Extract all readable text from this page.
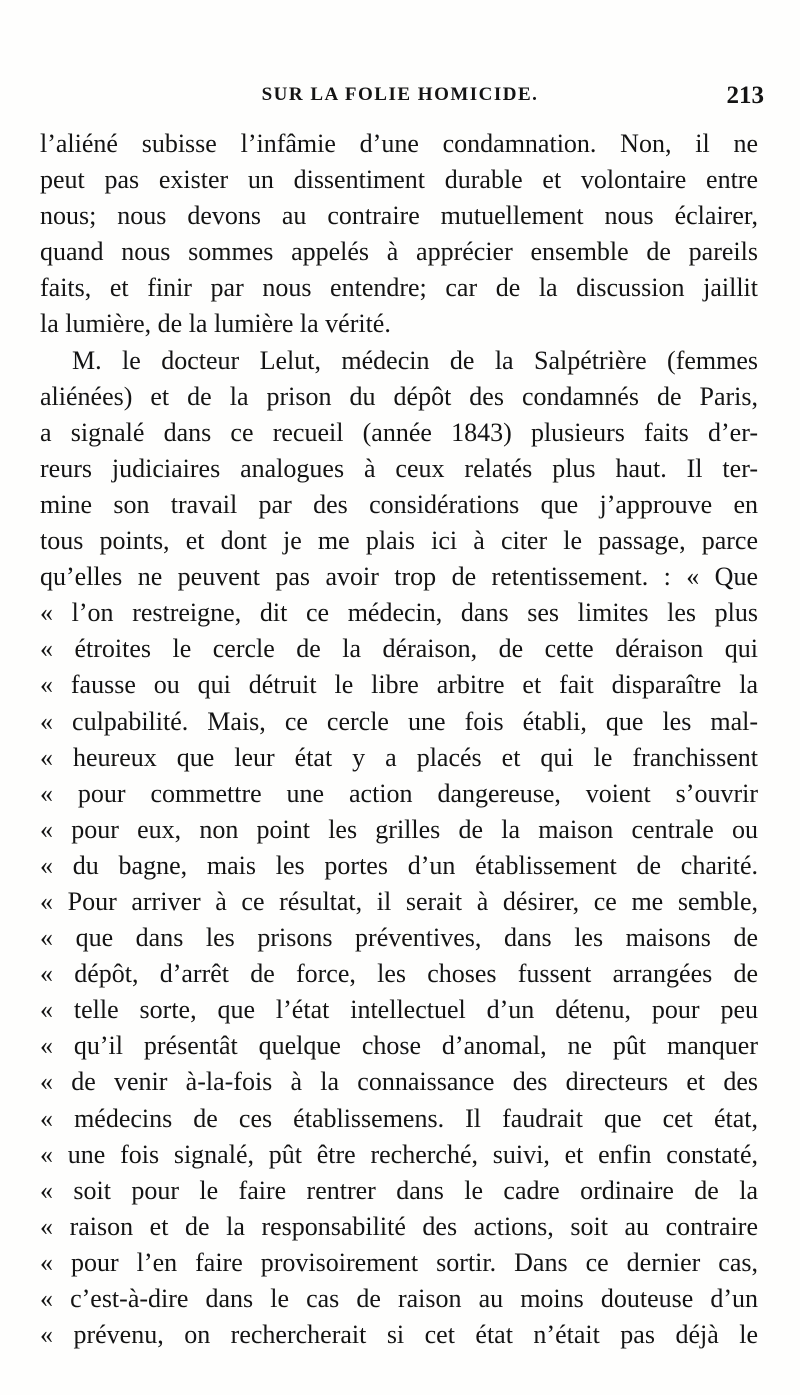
SUR LA FOLIE HOMICIDE.	213
l’aliéné subisse l’infâmie d’une condamnation. Non, il ne
peut pas exister un dissentiment durable et volontaire entre
nous; nous devons au contraire mutuellement nous éclairer,
quand nous sommes appelés à apprécier ensemble de pareils
faits, et finir par nous entendre; car de la discussion jaillit
la lumière, de la lumière la vérité.
M. le docteur Lelut, médecin de la Salpétrière (femmes
aliénées) et de la prison du dépôt des condamnés de Paris,
a signalé dans ce recueil (année 1843) plusieurs faits d’er-
reurs judiciaires analogues à ceux relatés plus haut. Il ter-
mine son travail par des considérations que j’approuve en
tous points, et dont je me plais ici à citer le passage, parce
qu’elles ne peuvent pas avoir trop de retentissement. : « Que
« l’on restreigne, dit ce médecin, dans ses limites les plus
« étroites le cercle de la déraison, de cette déraison qui
« fausse ou qui détruit le libre arbitre et fait disparaître la
« culpabilité. Mais, ce cercle une fois établi, que les mal-
« heureux que leur état y a placés et qui le franchissent
« pour commettre une action dangereuse, voient s’ouvrir
« pour eux, non point les grilles de la maison centrale ou
« du bagne, mais les portes d’un établissement de charité.
« Pour arriver à ce résultat, il serait à désirer, ce me semble,
« que dans les prisons préventives, dans les maisons de
« dépôt, d’arrêt de force, les choses fussent arrangées de
« telle sorte, que l’état intellectuel d’un détenu, pour peu
« qu’il présentât quelque chose d’anomal, ne pût manquer
« de venir à-la-fois à la connaissance des directeurs et des
« médecins de ces établissemens. Il faudrait que cet état,
« une fois signalé, pût être recherché, suivi, et enfin constaté,
« soit pour le faire rentrer dans le cadre ordinaire de la
« raison et de la responsabilité des actions, soit au contraire
« pour l’en faire provisoirement sortir. Dans ce dernier cas,
« c’est-à-dire dans le cas de raison au moins douteuse d’un
« prévenu, on rechercherait si cet état n’était pas déjà le
